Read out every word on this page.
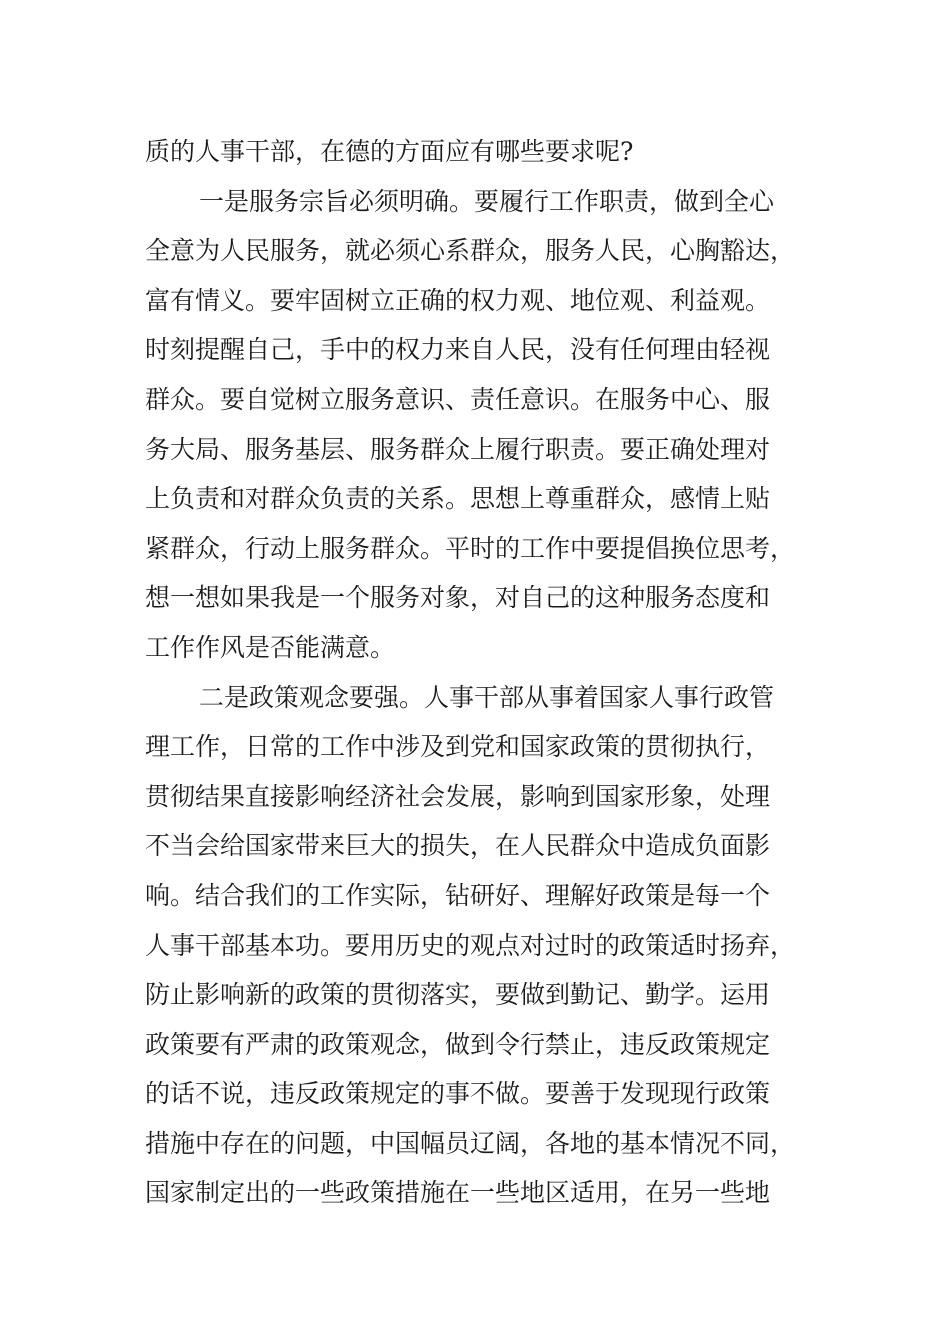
质的人事干部，在德的方面应有哪些要求呢?
一是服务宗旨必须明确。要履行工作职责，做到全心
全意为人民服务，就必须心系群众，服务人民，心胸豁达，
富有情义。要牢固树立正确的权力观、地位观、利益观。
时刻提醒自己，手中的权力来自人民，没有任何理由轻视
群众。要自觉树立服务意识、责任意识。在服务中心、服
务大局、服务基层、服务群众上履行职责。要正确处理对
上负责和对群众负责的关系。思想上尊重群众，感情上贴
紧群众，行动上服务群众。平时的工作中要提倡换位思考，
想一想如果我是一个服务对象，对自己的这种服务态度和
工作作风是否能满意。
二是政策观念要强。人事干部从事着国家人事行政管
理工作，日常的工作中涉及到党和国家政策的贯彻执行，
贯彻结果直接影响经济社会发展，影响到国家形象，处理
不当会给国家带来巨大的损失，在人民群众中造成负面影
响。结合我们的工作实际，钻研好、理解好政策是每一个
人事干部基本功。要用历史的观点对过时的政策适时扬弃，
防止影响新的政策的贯彻落实，要做到勤记、勤学。运用
政策要有严肃的政策观念，做到令行禁止，违反政策规定
的话不说，违反政策规定的事不做。要善于发现现行政策
措施中存在的问题，中国幅员辽阔，各地的基本情况不同，
国家制定出的一些政策措施在一些地区适用，在另一些地
